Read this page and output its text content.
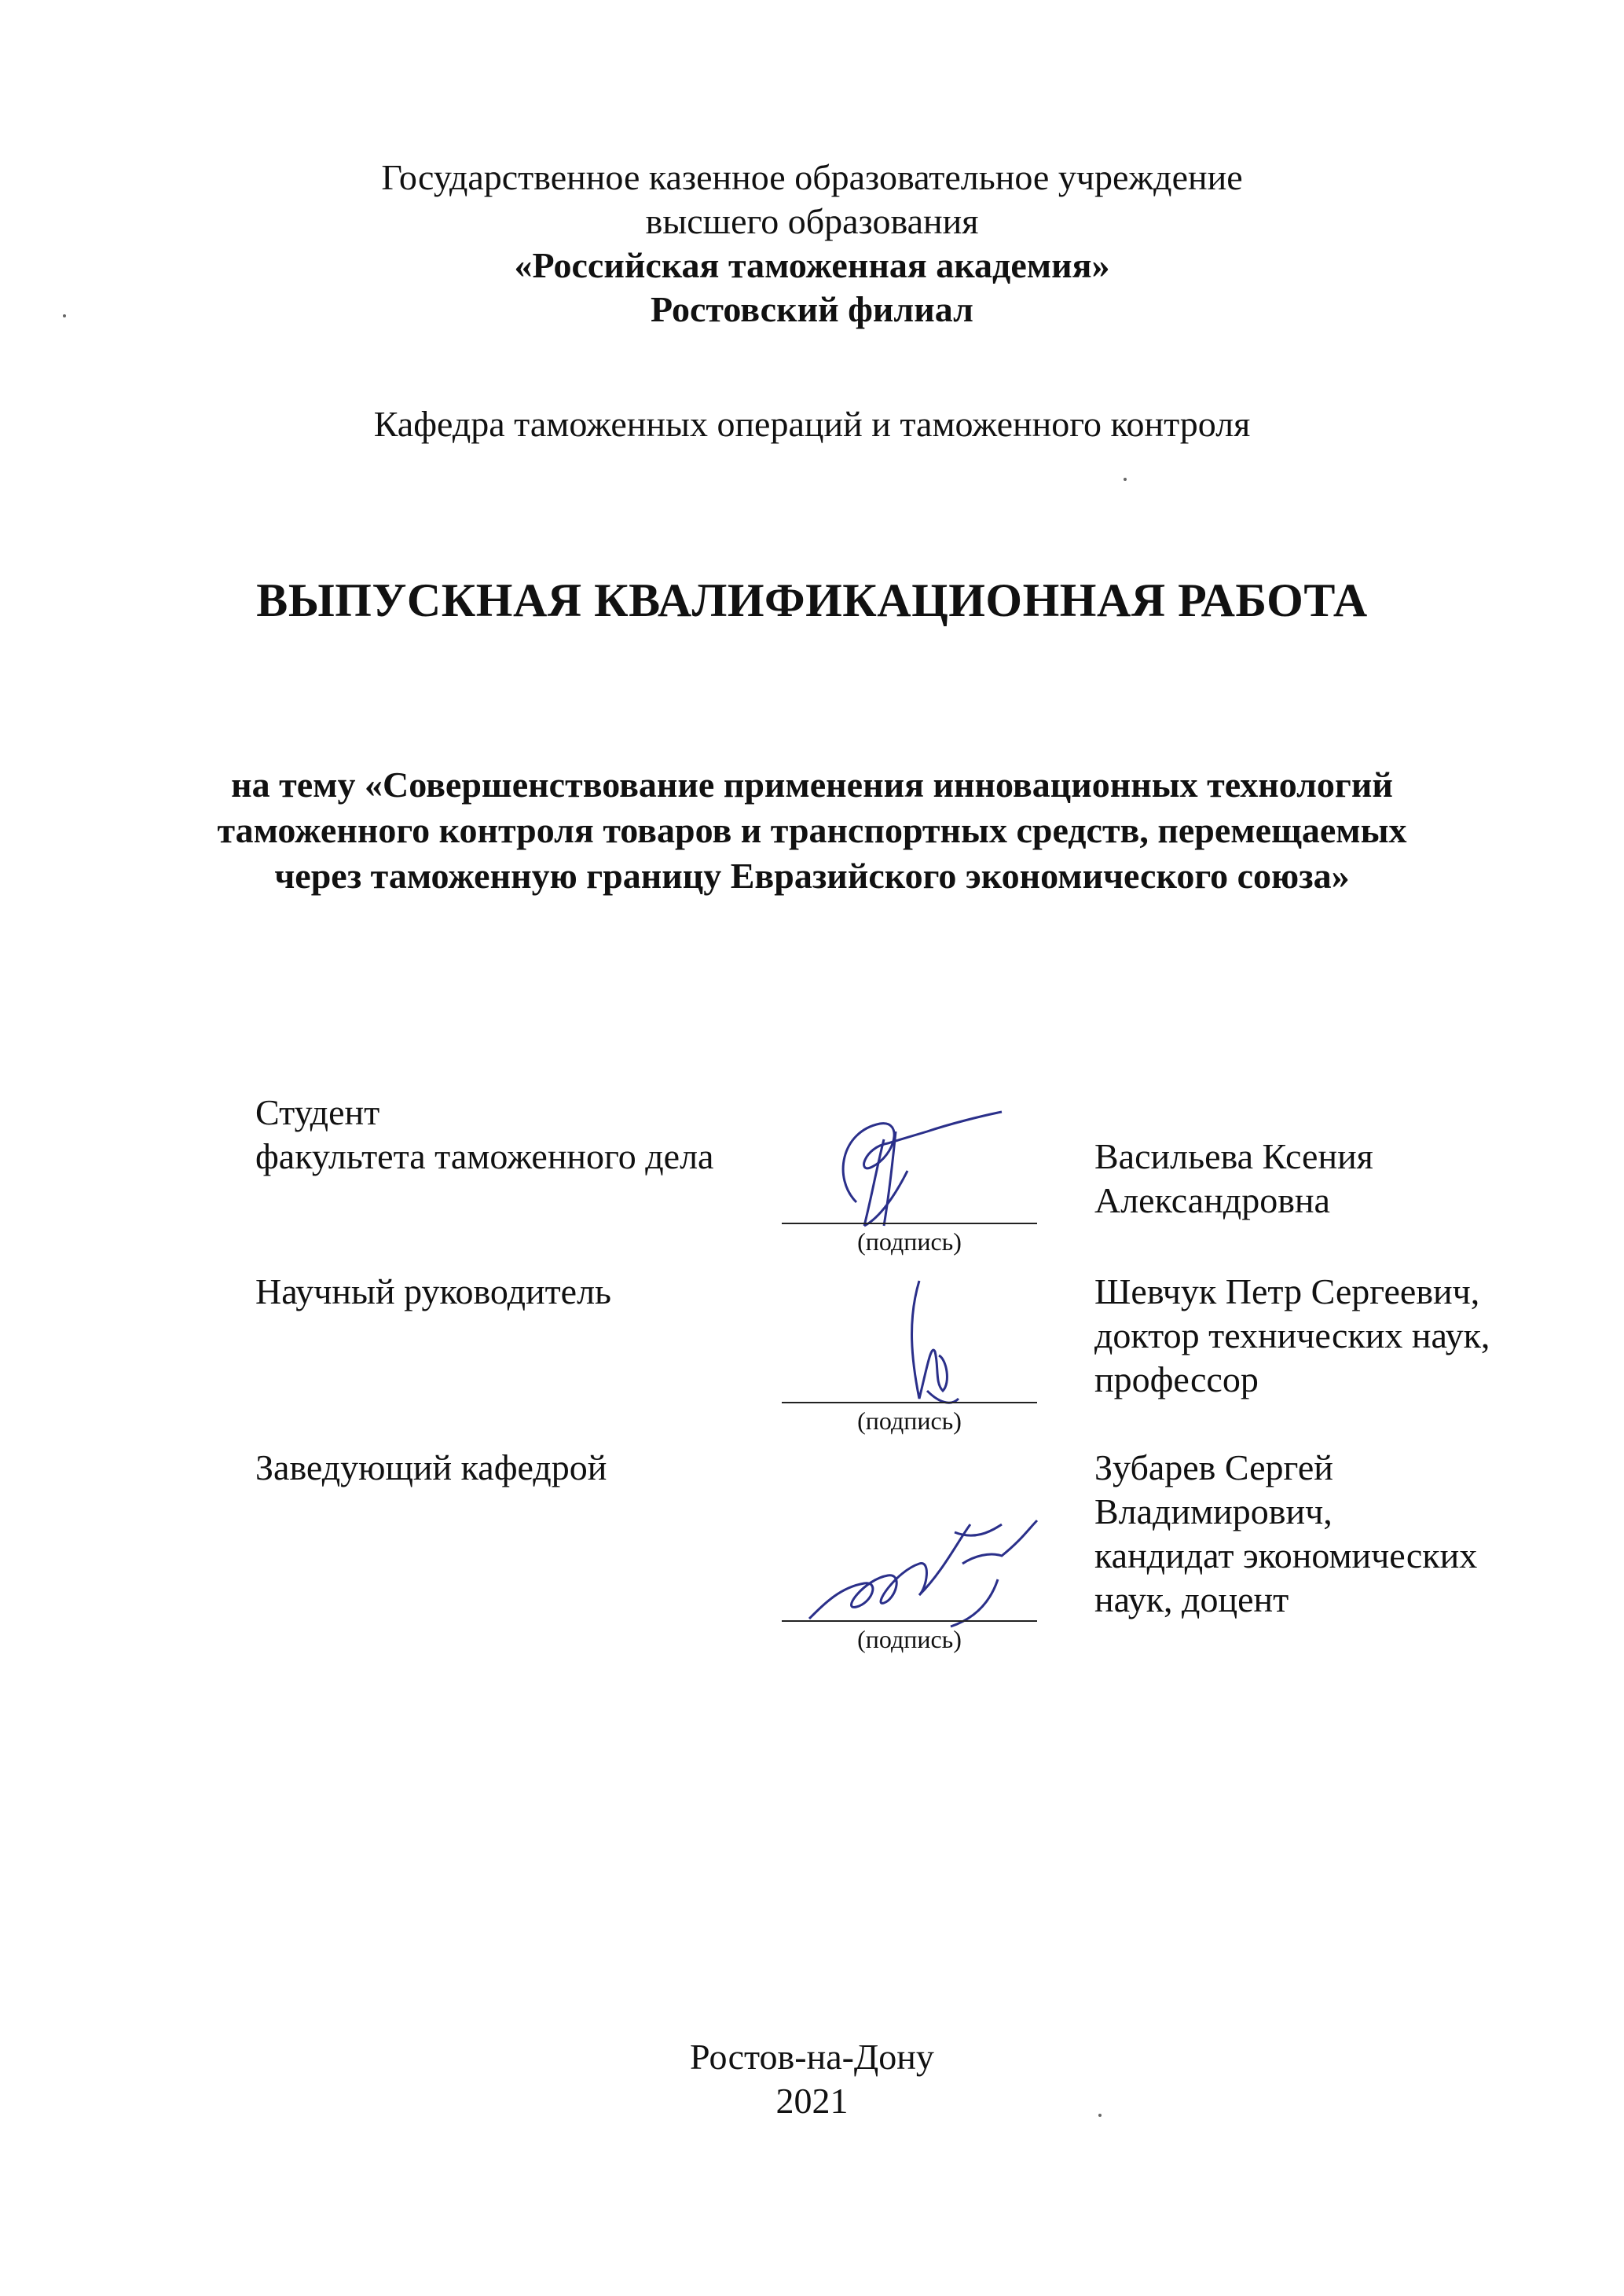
Государственное казенное образовательное учреждение
высшего образования
«Российская таможенная академия»
Ростовский филиал
Кафедра таможенных операций и таможенного контроля
ВЫПУСКНАЯ КВАЛИФИКАЦИОННАЯ РАБОТА
на тему «Совершенствование применения инновационных технологий
таможенного контроля товаров и транспортных средств, перемещаемых
через таможенную границу Евразийского экономического союза»
Студент
факультета таможенного дела
(подпись)
Васильева Ксения
Александровна
Научный руководитель
(подпись)
Шевчук Петр Сергеевич,
доктор технических наук,
профессор
Заведующий кафедрой
(подпись)
Зубарев Сергей
Владимирович,
кандидат экономических
наук, доцент
Ростов-на-Дону
2021
